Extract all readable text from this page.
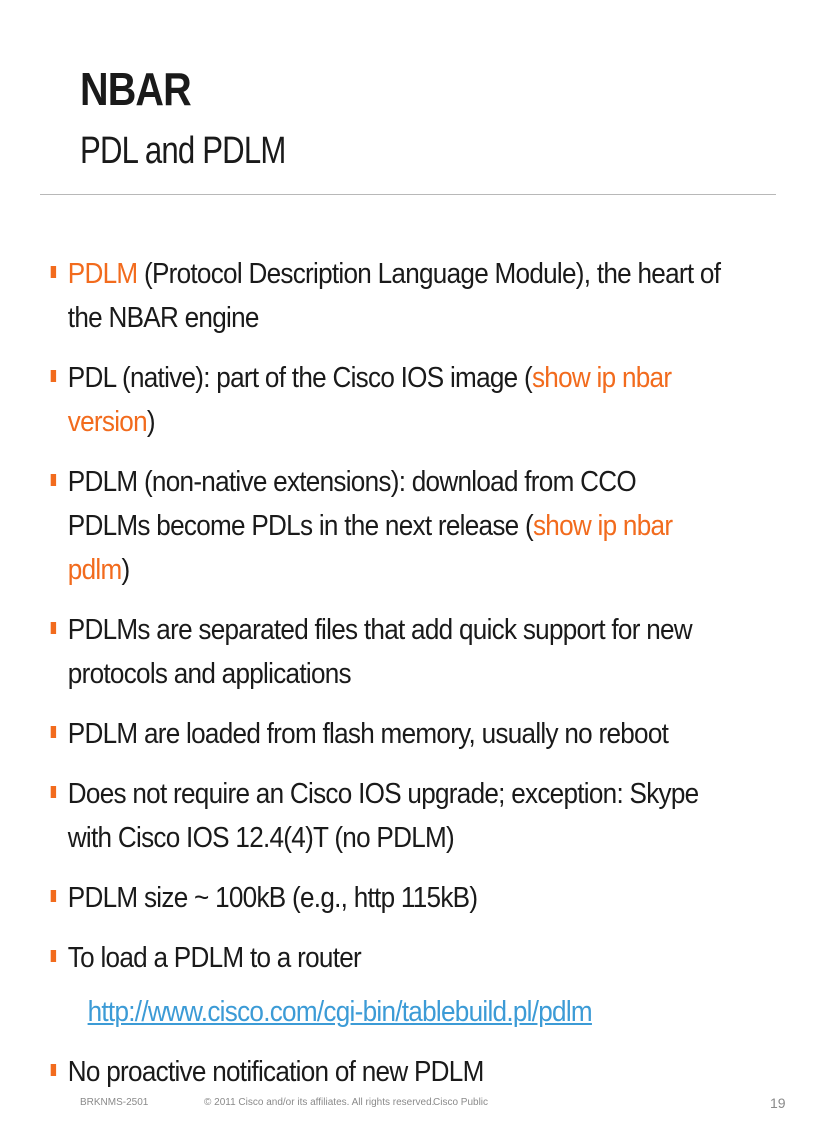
NBAR
PDL and PDLM
PDLM (Protocol Description Language Module), the heart of the NBAR engine
PDL (native): part of the Cisco IOS image (show ip nbar version)
PDLM (non-native extensions): download from CCO
PDLMs become PDLs in the next release (show ip nbar pdlm)
PDLMs are separated files that add quick support for new protocols and applications
PDLM are loaded from flash memory, usually no reboot
Does not require an Cisco IOS upgrade; exception: Skype with Cisco IOS 12.4(4)T (no PDLM)
PDLM size ~ 100kB (e.g., http 115kB)
To load a PDLM to a router
http://www.cisco.com/cgi-bin/tablebuild.pl/pdlm
No proactive notification of new PDLM
BRKNMS-2501	© 2011 Cisco and/or its affiliates. All rights reserved.
Cisco Public	19
